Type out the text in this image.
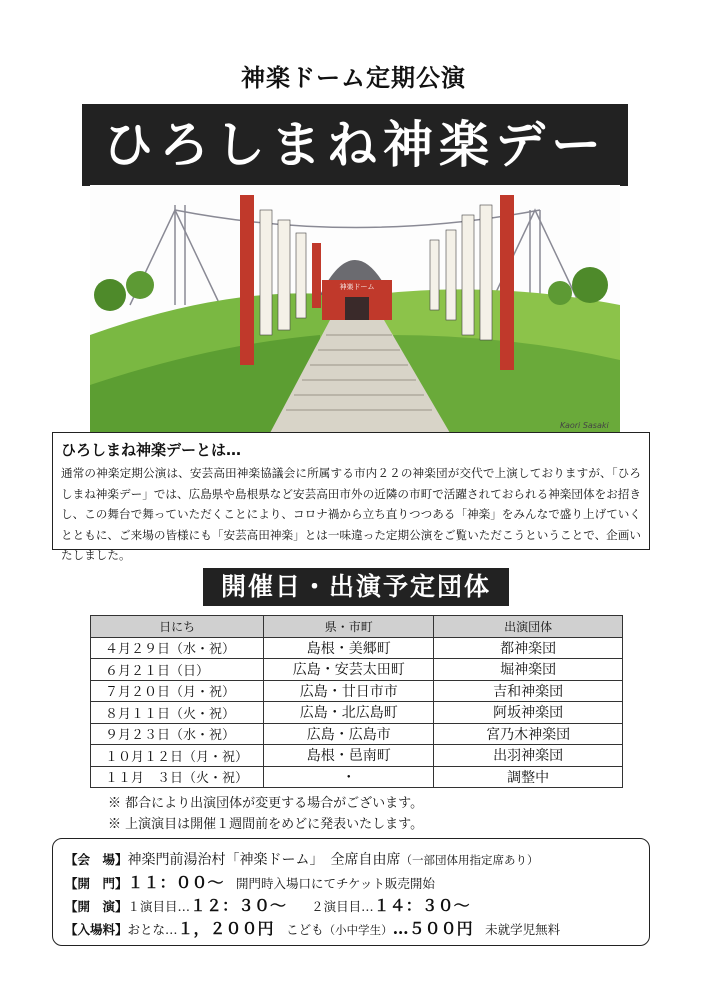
神楽ドーム定期公演
ひろしまね神楽デー
神楽ドーム
Kaori Sasaki
ひろしまね神楽デーとは…
通常の神楽定期公演は、安芸高田神楽協議会に所属する市内２２の神楽団が交代で上演しておりますが、「ひろしまね神楽デー」では、広島県や島根県など安芸高田市外の近隣の市町で活躍されておられる神楽団体をお招きし、この舞台で舞っていただくことにより、コロナ禍から立ち直りつつある「神楽」をみんなで盛り上げていくとともに、ご来場の皆様にも「安芸高田神楽」とは一味違った定期公演をご覧いただこうということで、企画いたしました。
開催日・出演予定団体
日にち	県・市町	出演団体
４月２９日（水・祝）	島根・美郷町	都神楽団
６月２１日（日）	広島・安芸太田町	堀神楽団
７月２０日（月・祝）	広島・廿日市市	吉和神楽団
８月１１日（火・祝）	広島・北広島町	阿坂神楽団
９月２３日（水・祝）	広島・広島市	宮乃木神楽団
１０月１２日（月・祝）	島根・邑南町	出羽神楽団
１１月　３日（火・祝）	・	調整中
※ 都合により出演団体が変更する場合がございます。
※ 上演演目は開催１週間前をめどに発表いたします。
【会　場】神楽門前湯治村「神楽ドーム」　全席自由席（一部団体用指定席あり）
【開　門】１１：００～　 開門時入場口にてチケット販売開始
【開　演】１演目目…１２：３０～　　 ２演目目…１４：３０～
【入場料】おとな…１，２００円　 こども（小中学生）…５００円　 未就学児無料
